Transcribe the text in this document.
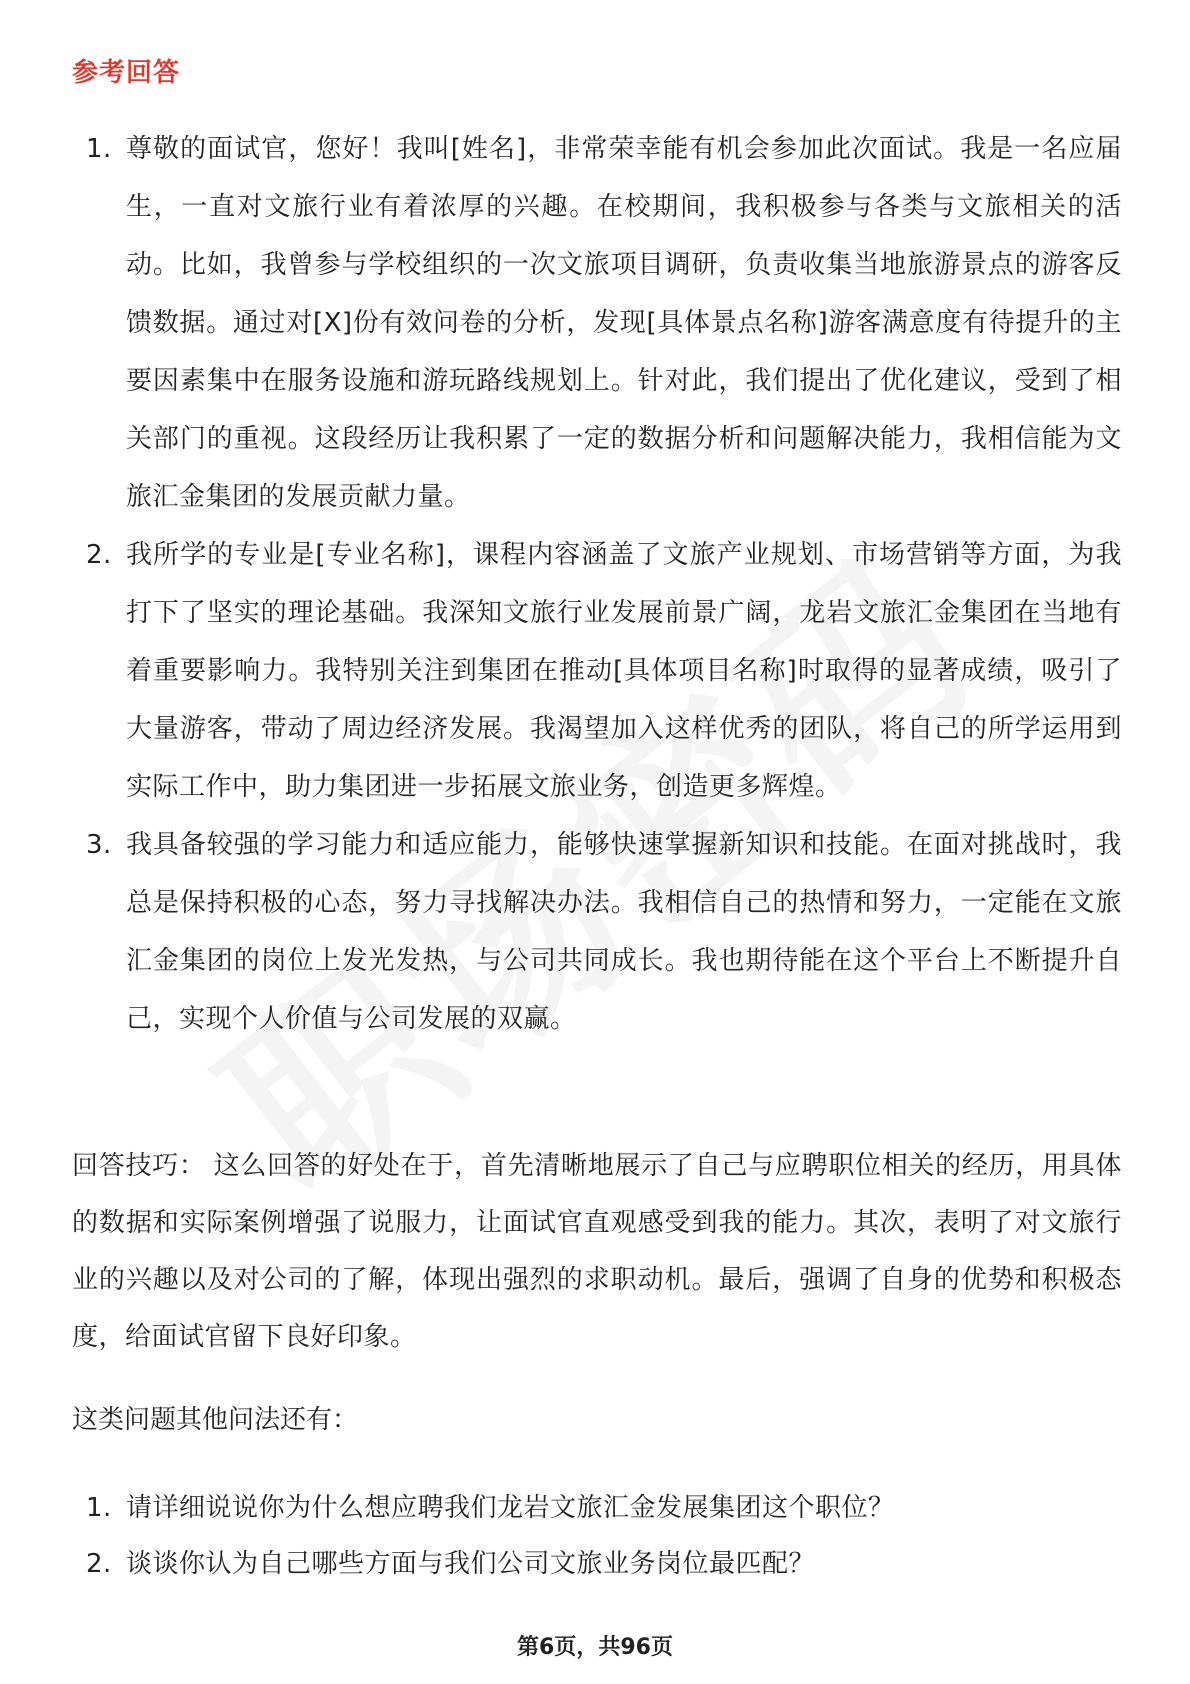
参考回答
1. 尊敬的面试官，您好！我叫[姓名]，非常荣幸能有机会参加此次面试。我是一名应届生，一直对文旅行业有着浓厚的兴趣。在校期间，我积极参与各类与文旅相关的活动。比如，我曾参与学校组织的一次文旅项目调研，负责收集当地旅游景点的游客反馈数据。通过对[X]份有效问卷的分析，发现[具体景点名称]游客满意度有待提升的主要因素集中在服务设施和游玩路线规划上。针对此，我们提出了优化建议，受到了相关部门的重视。这段经历让我积累了一定的数据分析和问题解决能力，我相信能为文旅汇金集团的发展贡献力量。
2. 我所学的专业是[专业名称]，课程内容涵盖了文旅产业规划、市场营销等方面，为我打下了坚实的理论基础。我深知文旅行业发展前景广阔，龙岩文旅汇金集团在当地有着重要影响力。我特别关注到集团在推动[具体项目名称]时取得的显著成绩，吸引了大量游客，带动了周边经济发展。我渴望加入这样优秀的团队，将自己的所学运用到实际工作中，助力集团进一步拓展文旅业务，创造更多辉煌。
3. 我具备较强的学习能力和适应能力，能够快速掌握新知识和技能。在面对挑战时，我总是保持积极的心态，努力寻找解决办法。我相信自己的热情和努力，一定能在文旅汇金集团的岗位上发光发热，与公司共同成长。我也期待能在这个平台上不断提升自己，实现个人价值与公司发展的双赢。
回答技巧： 这么回答的好处在于，首先清晰地展示了自己与应聘职位相关的经历，用具体的数据和实际案例增强了说服力，让面试官直观感受到我的能力。其次，表明了对文旅行业的兴趣以及对公司的了解，体现出强烈的求职动机。最后，强调了自身的优势和积极态度，给面试官留下良好印象。
这类问题其他问法还有：
1. 请详细说说你为什么想应聘我们龙岩文旅汇金发展集团这个职位？
2. 谈谈你认为自己哪些方面与我们公司文旅业务岗位最匹配？
第6页，共96页
